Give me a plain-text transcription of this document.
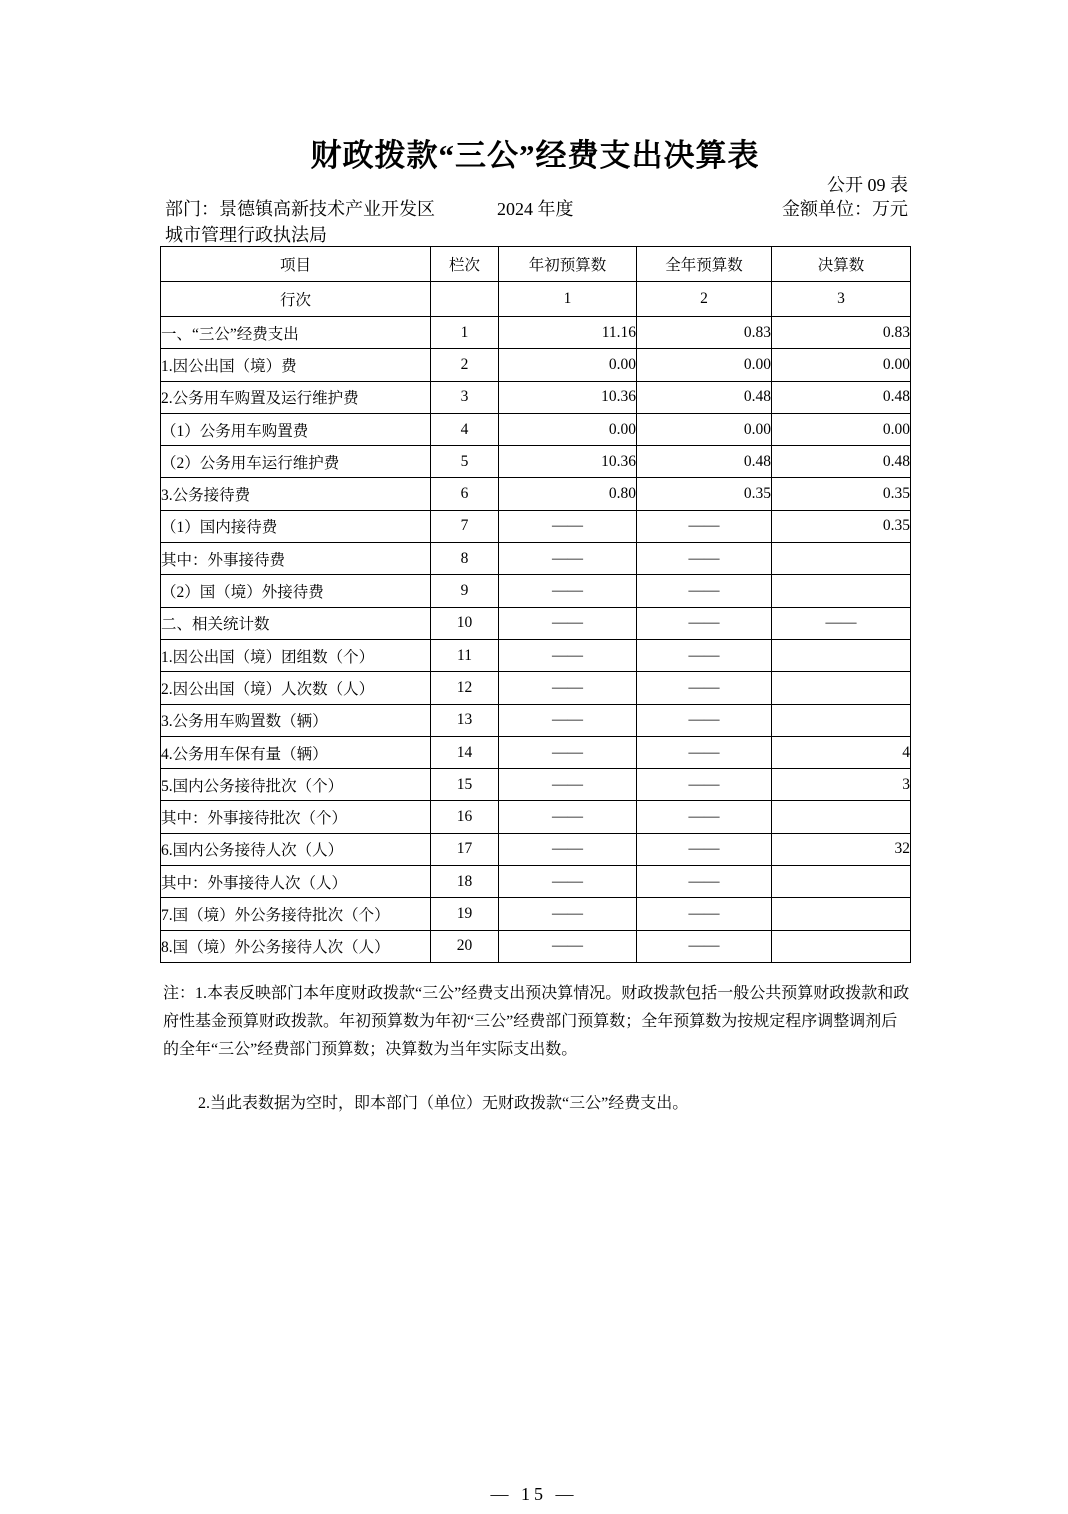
财政拨款“三公”经费支出决算表
公开 09 表
部门：景德镇高新技术产业开发区
城市管理行政执法局
2024 年度	金额单位：万元
项目	栏次	年初预算数	全年预算数	决算数
行次		1	2	3
一、“三公”经费支出	1	11.16	0.83	0.83
1.因公出国（境）费	2	0.00	0.00	0.00
2.公务用车购置及运行维护费	3	10.36	0.48	0.48
（1）公务用车购置费	4	0.00	0.00	0.00
（2）公务用车运行维护费	5	10.36	0.48	0.48
3.公务接待费	6	0.80	0.35	0.35
（1）国内接待费	7	——	——	0.35
其中：外事接待费	8	——	——	
（2）国（境）外接待费	9	——	——	
二、相关统计数	10	——	——	——
1.因公出国（境）团组数（个）	11	——	——	
2.因公出国（境）人次数（人）	12	——	——	
3.公务用车购置数（辆）	13	——	——	
4.公务用车保有量（辆）	14	——	——	4
5.国内公务接待批次（个）	15	——	——	3
其中：外事接待批次（个）	16	——	——	
6.国内公务接待人次（人）	17	——	——	32
其中：外事接待人次（人）	18	——	——	
7.国（境）外公务接待批次（个）	19	——	——	
8.国（境）外公务接待人次（人）	20	——	——	
注：1.本表反映部门本年度财政拨款“三公”经费支出预决算情况。财政拨款包括一般公共预算财政拨款和政府性基金预算财政拨款。年初预算数为年初“三公”经费部门预算数；全年预算数为按规定程序调整调剂后的全年“三公”经费部门预算数；决算数为当年实际支出数。
2.当此表数据为空时，即本部门（单位）无财政拨款“三公”经费支出。
— 15 —
